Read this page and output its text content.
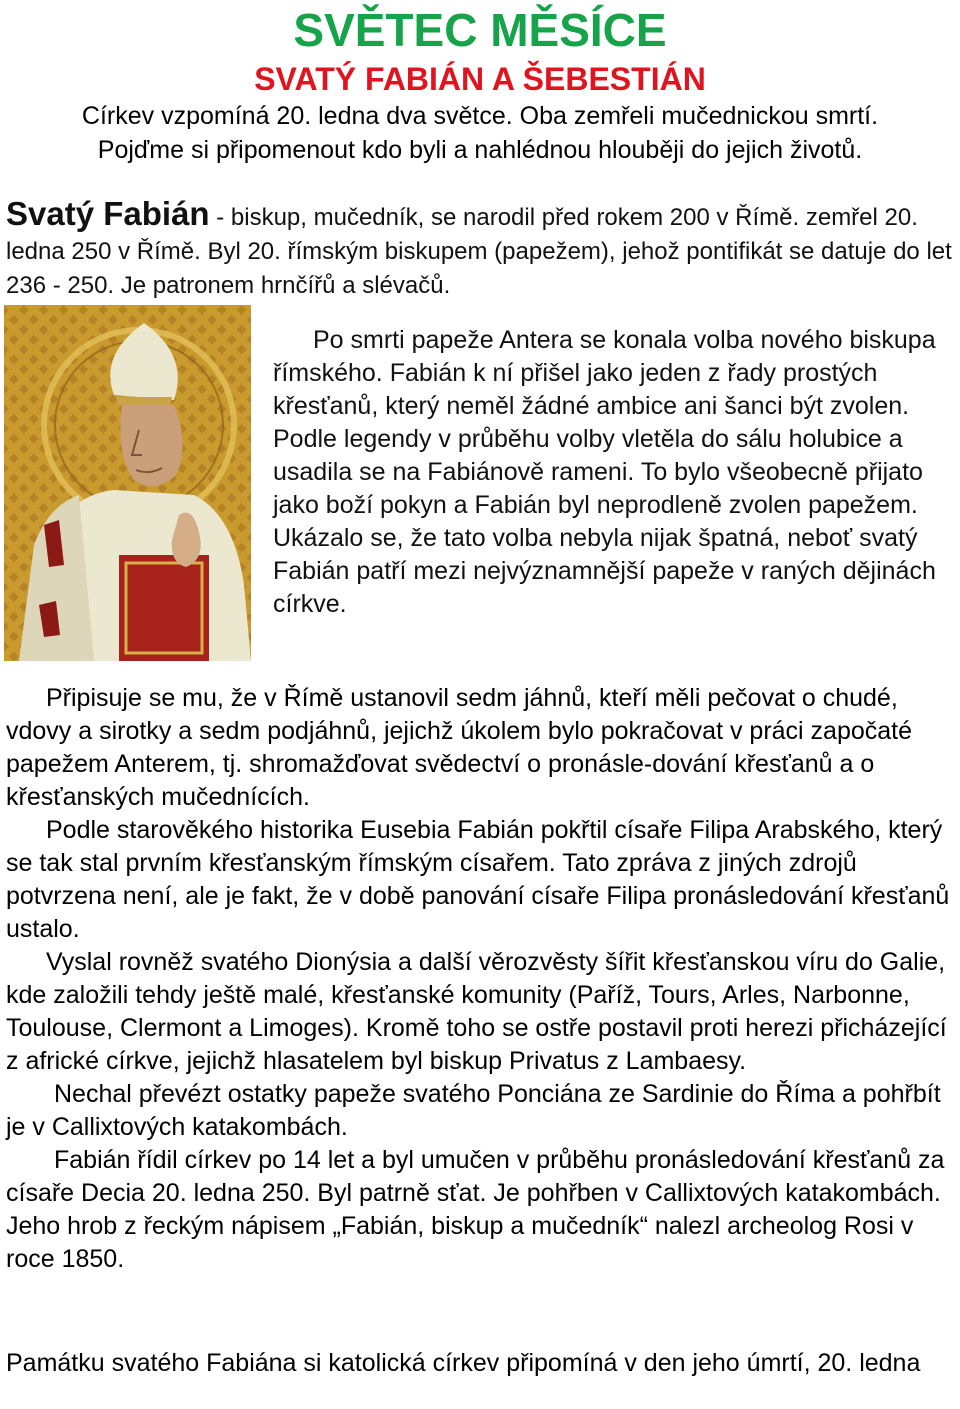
SVĚTEC MĚSÍCE
SVATÝ FABIÁN A ŠEBESTIÁN

Církev vzpomíná 20. ledna dva světce. Oba zemřeli mučednickou smrtí.

Pojďme si připomenout kdo byli a nahlédnou hlouběji do jejich životů.

Svatý Fabián - biskup, mučedník, se narodil před rokem 200 v Římě. zemřel 20. ledna 250 v Římě. Byl 20. římským biskupem (papežem), jehož pontifikát se datuje do let 236 - 250. Je patronem hrnčířů a slévačů.

Po smrti papeže Antera se konala volba nového biskupa římského. Fabián k ní přišel jako jeden z řady prostých křesťanů, který neměl žádné ambice ani šanci být zvolen. Podle legendy v průběhu volby vletěla do sálu holubice a usadila se na Fabiánově rameni. To bylo všeobecně přijato jako boží pokyn a Fabián byl neprodleně zvolen papežem. Ukázalo se, že tato volba nebyla nijak špatná, neboť svatý Fabián patří mezi nejvýznamnější papeže v raných dějinách církve.

Připisuje se mu, že v Římě ustanovil sedm jáhnů, kteří měli pečovat o chudé, vdovy a sirotky a sedm podjáhnů, jejichž úkolem bylo pokračovat v práci započaté papežem Anterem, tj. shromažďovat svědectví o pronásle-dování křesťanů a o křesťanských mučednících.

Podle starověkého historika Eusebia Fabián pokřtil císaře Filipa Arabského, který se tak stal prvním křesťanským římským císařem. Tato zpráva z jiných zdrojů potvrzena není, ale je fakt, že v době panování císaře Filipa pronásledování křesťanů ustalo.

Vyslal rovněž svatého Dionýsia a další věrozvěsty šířit křesťanskou víru do Galie, kde založili tehdy ještě malé, křesťanské komunity (Paříž, Tours, Arles, Narbonne, Toulouse, Clermont a Limoges). Kromě toho se ostře postavil proti herezi přicházející z africké církve, jejichž hlasatelem byl biskup Privatus z Lambaesy.

Nechal převézt ostatky papeže svatého Ponciána ze Sardinie do Říma a pohřbít je v Callixtových katakombách.

Fabián řídil církev po 14 let a byl umučen v průběhu pronásledování křesťanů za císaře Decia 20. ledna 250. Byl patrně sťat. Je pohřben v Callixtových katakombách. Jeho hrob z řeckým nápisem „Fabián, biskup a mučedník“ nalezl archeolog Rosi v roce 1850.

Památku svatého Fabiána si katolická církev připomíná v den jeho úmrtí, 20. ledna
